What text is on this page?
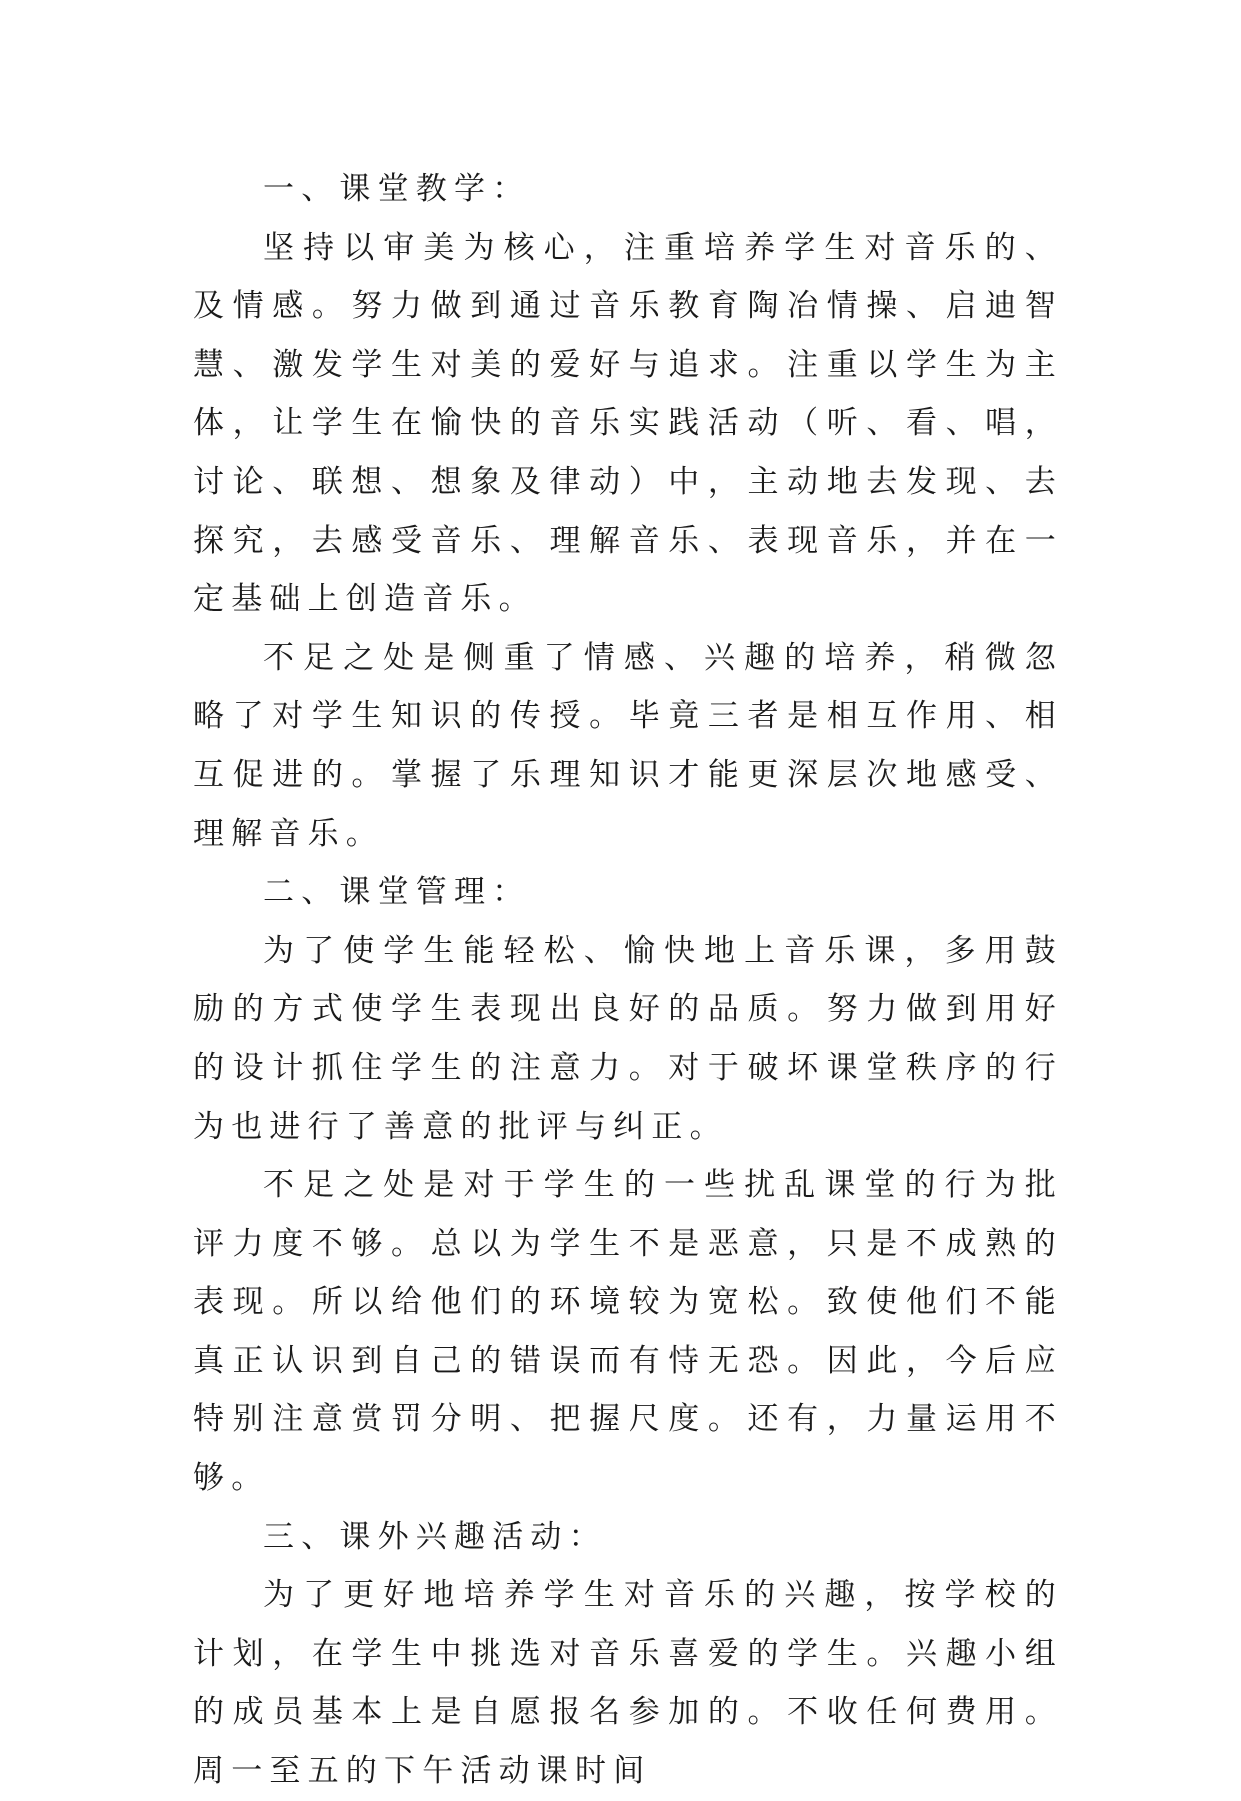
一、课堂教学：

坚持以审美为核心，注重培养学生对音乐的、及情感。努力做到通过音乐教育陶冶情操、启迪智慧、激发学生对美的爱好与追求。注重以学生为主体，让学生在愉快的音乐实践活动（听、看、唱，讨论、联想、想象及律动）中，主动地去发现、去探究，去感受音乐、理解音乐、表现音乐，并在一定基础上创造音乐。

不足之处是侧重了情感、兴趣的培养，稍微忽略了对学生知识的传授。毕竟三者是相互作用、相互促进的。掌握了乐理知识才能更深层次地感受、理解音乐。

二、课堂管理：

为了使学生能轻松、愉快地上音乐课，多用鼓励的方式使学生表现出良好的品质。努力做到用好的设计抓住学生的注意力。对于破坏课堂秩序的行为也进行了善意的批评与纠正。

不足之处是对于学生的一些扰乱课堂的行为批评力度不够。总以为学生不是恶意，只是不成熟的表现。所以给他们的环境较为宽松。致使他们不能真正认识到自己的错误而有恃无恐。因此，今后应特别注意赏罚分明、把握尺度。还有，力量运用不够。

三、课外兴趣活动：

为了更好地培养学生对音乐的兴趣，按学校的计划，在学生中挑选对音乐喜爱的学生。兴趣小组的成员基本上是自愿报名参加的。不收任何费用。周一至五的下午活动课时间
